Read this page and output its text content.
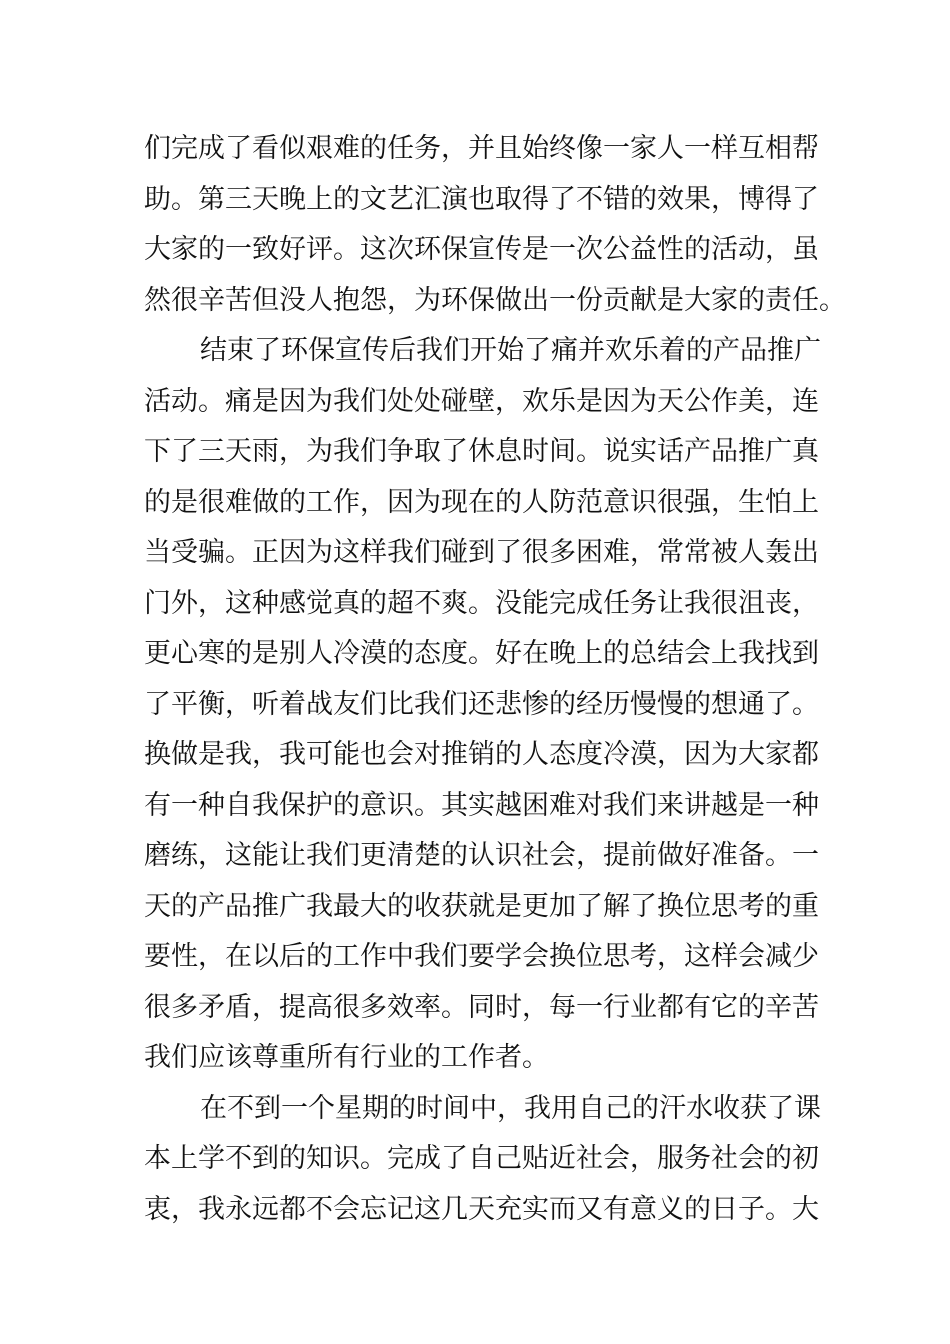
们完成了看似艰难的任务，并且始终像一家人一样互相帮
助。第三天晚上的文艺汇演也取得了不错的效果，博得了
大家的一致好评。这次环保宣传是一次公益性的活动，虽
然很辛苦但没人抱怨，为环保做出一份贡献是大家的责任。

结束了环保宣传后我们开始了痛并欢乐着的产品推广
活动。痛是因为我们处处碰壁，欢乐是因为天公作美，连
下了三天雨，为我们争取了休息时间。说实话产品推广真
的是很难做的工作，因为现在的人防范意识很强，生怕上
当受骗。正因为这样我们碰到了很多困难，常常被人轰出
门外，这种感觉真的超不爽。没能完成任务让我很沮丧，
更心寒的是别人冷漠的态度。好在晚上的总结会上我找到
了平衡，听着战友们比我们还悲惨的经历慢慢的想通了。
换做是我，我可能也会对推销的人态度冷漠，因为大家都
有一种自我保护的意识。其实越困难对我们来讲越是一种
磨练，这能让我们更清楚的认识社会，提前做好准备。一
天的产品推广我最大的收获就是更加了解了换位思考的重
要性，在以后的工作中我们要学会换位思考，这样会减少
很多矛盾，提高很多效率。同时，每一行业都有它的辛苦
我们应该尊重所有行业的工作者。

在不到一个星期的时间中，我用自己的汗水收获了课
本上学不到的知识。完成了自己贴近社会，服务社会的初
衷，我永远都不会忘记这几天充实而又有意义的日子。大
